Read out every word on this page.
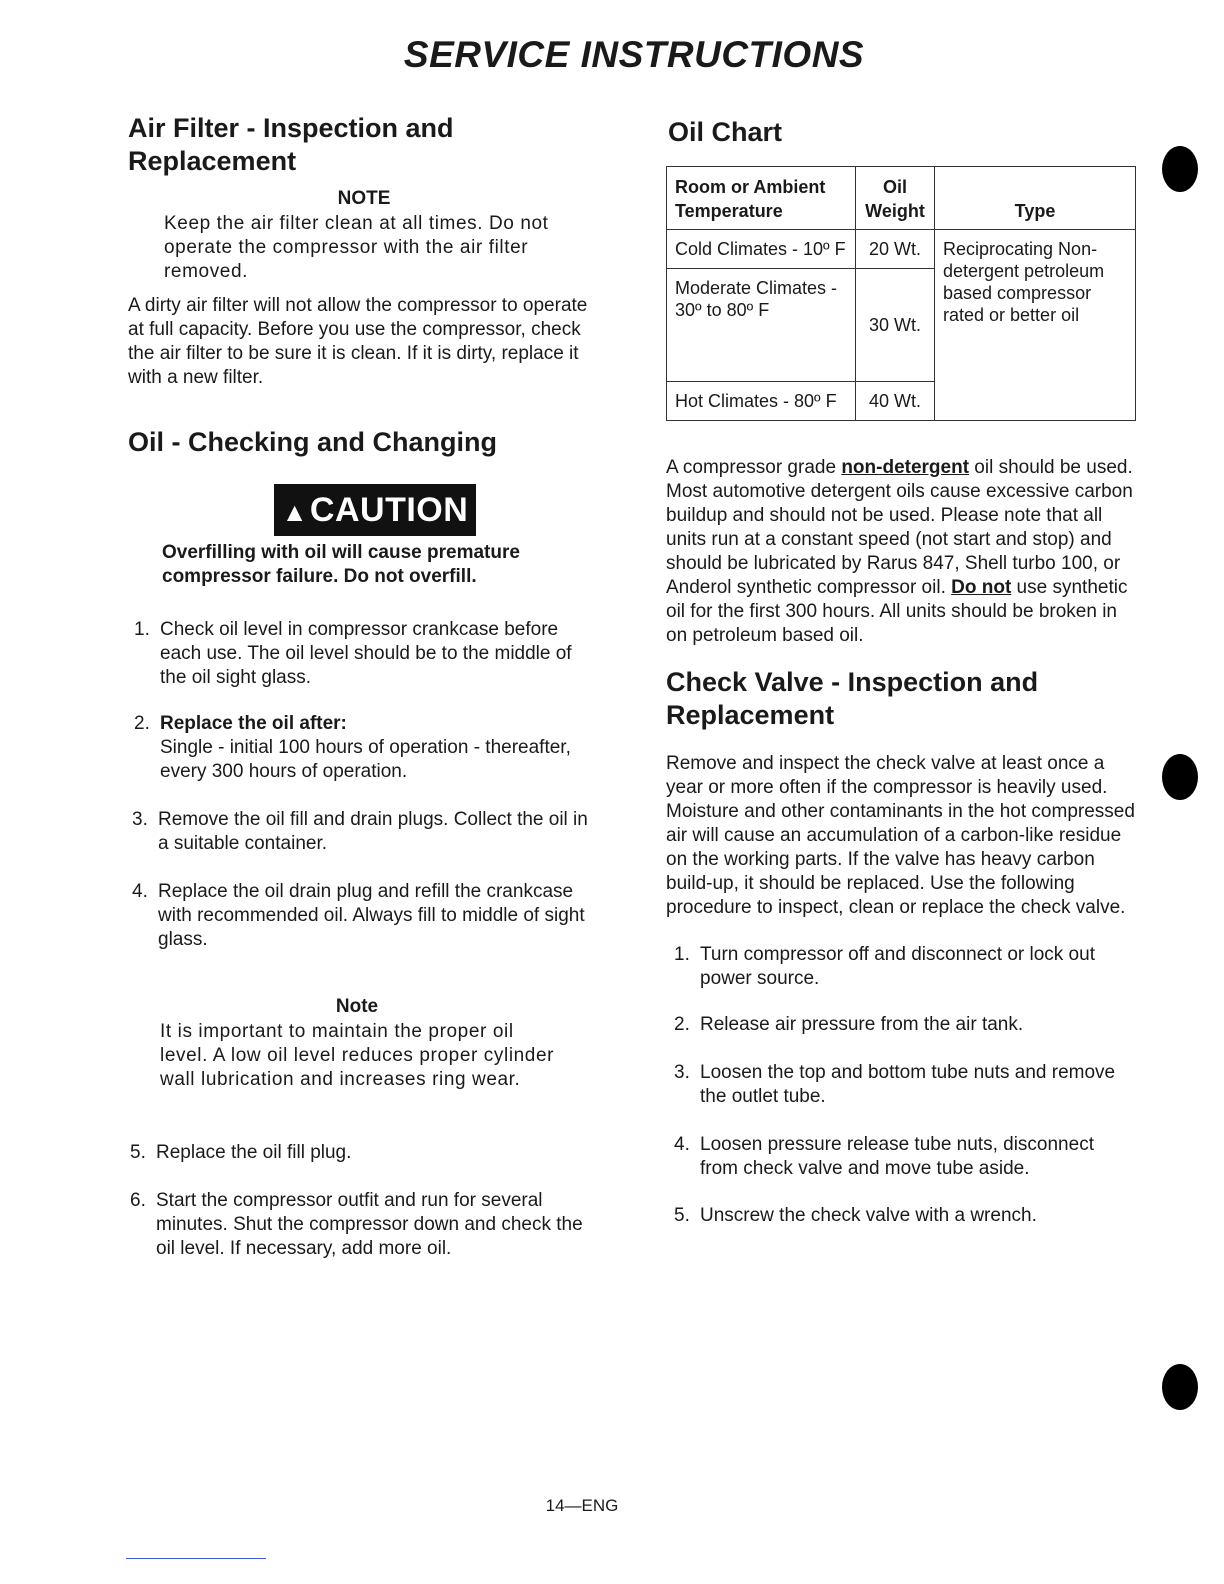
SERVICE INSTRUCTIONS
Air Filter - Inspection and
Replacement
NOTE
Keep the air filter clean at all times. Do not operate the compressor with the air filter removed.
A dirty air filter will not allow the compressor to operate at full capacity. Before you use the compressor, check the air filter to be sure it is clean. If it is dirty, replace it with a new filter.
Oil - Checking and Changing
▲CAUTION
Overfilling with oil will cause premature compressor failure. Do not overfill.
1. Check oil level in compressor crankcase before each use. The oil level should be to the middle of the oil sight glass.
2. Replace the oil after:
Single - initial 100 hours of operation - thereafter, every 300 hours of operation.
3. Remove the oil fill and drain plugs. Collect the oil in a suitable container.
4. Replace the oil drain plug and refill the crankcase with recommended oil. Always fill to middle of sight glass.
Note
It is important to maintain the proper oil level. A low oil level reduces proper cylinder wall lubrication and increases ring wear.
5. Replace the oil fill plug.
6. Start the compressor outfit and run for several minutes. Shut the compressor down and check the oil level. If necessary, add more oil.
Oil Chart
Room or Ambient Temperature	Oil Weight	Type
Cold Climates - 10º F	20 Wt.	Reciprocating Non-detergent petroleum based compressor rated or better oil
Moderate Climates - 30º to 80º F	30 Wt.	
Hot Climates - 80º F	40 Wt.	
A compressor grade non-detergent oil should be used. Most automotive detergent oils cause excessive carbon buildup and should not be used. Please note that all units run at a constant speed (not start and stop) and should be lubricated by Rarus 847, Shell turbo 100, or Anderol synthetic compressor oil. Do not use synthetic oil for the first 300 hours. All units should be broken in on petroleum based oil.
Check Valve - Inspection and
Replacement
Remove and inspect the check valve at least once a year or more often if the compressor is heavily used. Moisture and other contaminants in the hot compressed air will cause an accumulation of a carbon-like residue on the working parts. If the valve has heavy carbon build-up, it should be replaced. Use the following procedure to inspect, clean or replace the check valve.
1. Turn compressor off and disconnect or lock out power source.
2. Release air pressure from the air tank.
3. Loosen the top and bottom tube nuts and remove the outlet tube.
4. Loosen pressure release tube nuts, disconnect from check valve and move tube aside.
5. Unscrew the check valve with a wrench.
14—ENG
